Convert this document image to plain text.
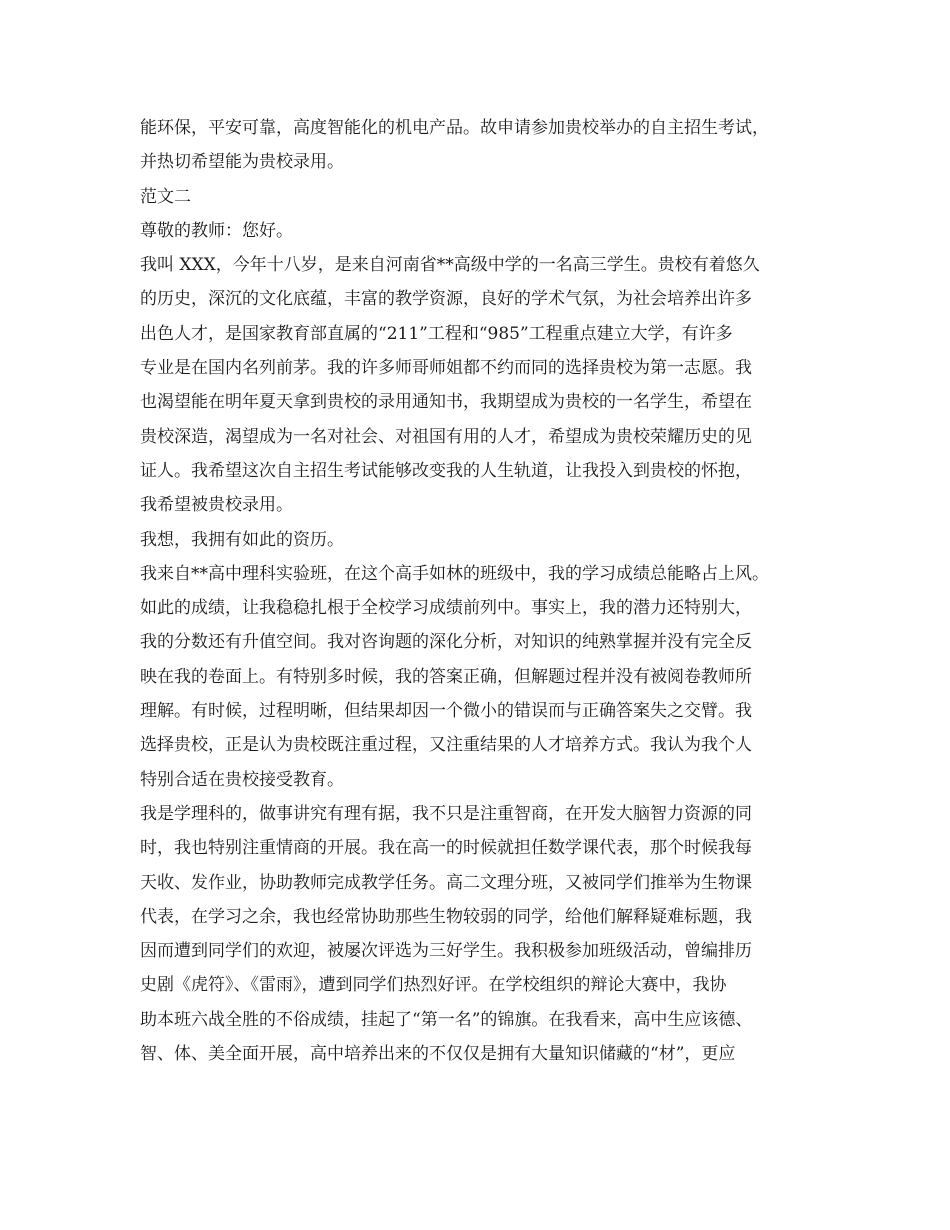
能环保，平安可靠，高度智能化的机电产品。故申请参加贵校举办的自主招生考试，
并热切希望能为贵校录用。
范文二
尊敬的教师：您好。
我叫 XXX，今年十八岁，是来自河南省**高级中学的一名高三学生。贵校有着悠久
的历史，深沉的文化底蕴，丰富的教学资源，良好的学术气氛，为社会培养出许多
出色人才，是国家教育部直属的“211”工程和“985”工程重点建立大学，有许多
专业是在国内名列前茅。我的许多师哥师姐都不约而同的选择贵校为第一志愿。我
也渴望能在明年夏天拿到贵校的录用通知书，我期望成为贵校的一名学生，希望在
贵校深造，渴望成为一名对社会、对祖国有用的人才，希望成为贵校荣耀历史的见
证人。我希望这次自主招生考试能够改变我的人生轨道，让我投入到贵校的怀抱，
我希望被贵校录用。
我想，我拥有如此的资历。
我来自**高中理科实验班，在这个高手如林的班级中，我的学习成绩总能略占上风。
如此的成绩，让我稳稳扎根于全校学习成绩前列中。事实上，我的潜力还特别大，
我的分数还有升值空间。我对咨询题的深化分析，对知识的纯熟掌握并没有完全反
映在我的卷面上。有特别多时候，我的答案正确，但解题过程并没有被阅卷教师所
理解。有时候，过程明晰，但结果却因一个微小的错误而与正确答案失之交臂。我
选择贵校，正是认为贵校既注重过程，又注重结果的人才培养方式。我认为我个人
特别合适在贵校接受教育。
我是学理科的，做事讲究有理有据，我不只是注重智商，在开发大脑智力资源的同
时，我也特别注重情商的开展。我在高一的时候就担任数学课代表，那个时候我每
天收、发作业，协助教师完成教学任务。高二文理分班，又被同学们推举为生物课
代表，在学习之余，我也经常协助那些生物较弱的同学，给他们解释疑难标题，我
因而遭到同学们的欢迎，被屡次评选为三好学生。我积极参加班级活动，曾编排历
史剧《虎符》、《雷雨》，遭到同学们热烈好评。在学校组织的辩论大赛中，我协
助本班六战全胜的不俗成绩，挂起了“第一名”的锦旗。在我看来，高中生应该德、
智、体、美全面开展，高中培养出来的不仅仅是拥有大量知识储藏的“材”，更应
